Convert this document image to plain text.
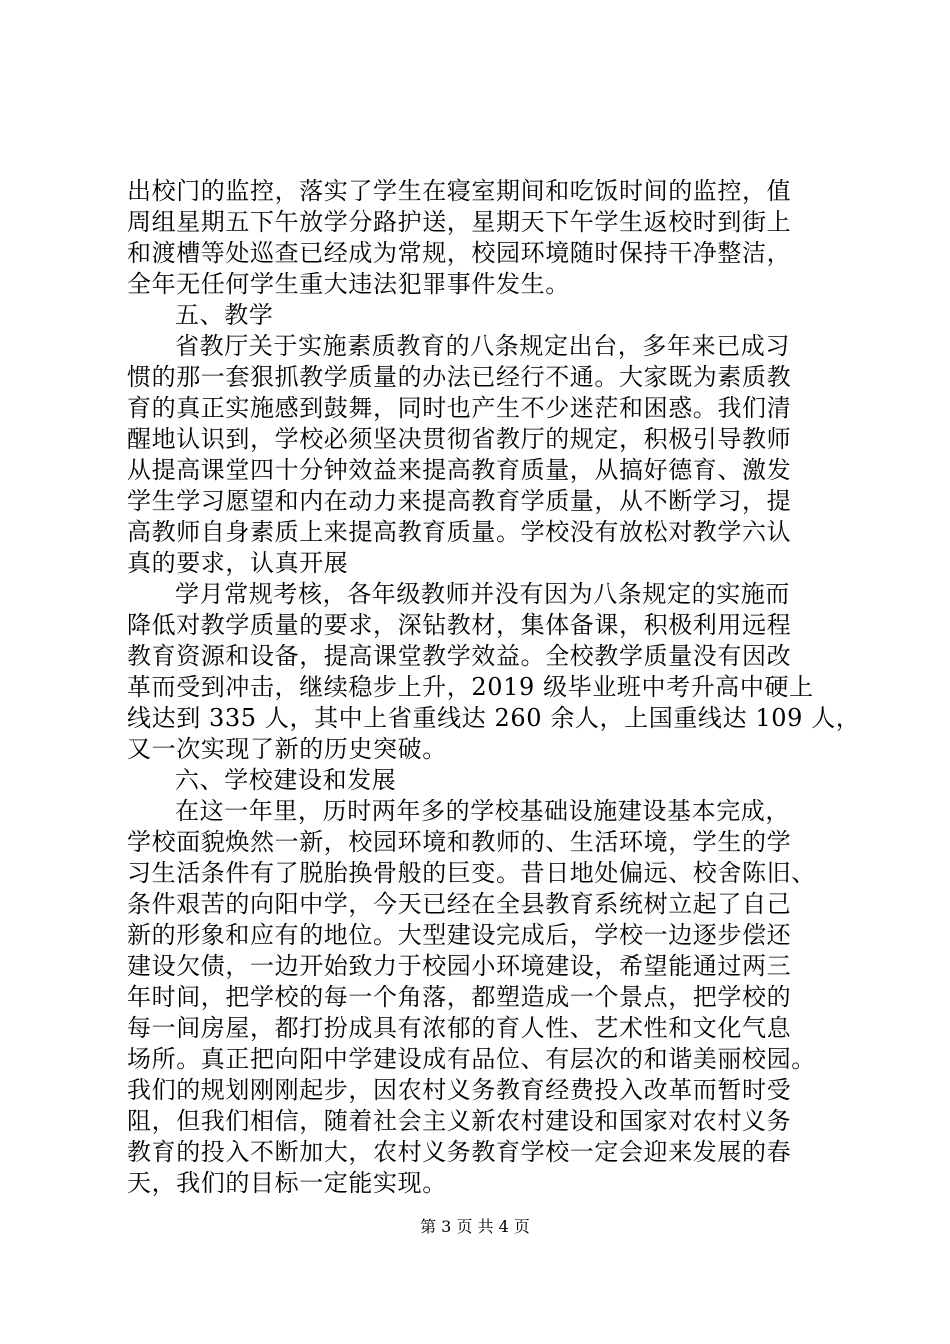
出校门的监控，落实了学生在寝室期间和吃饭时间的监控，值
周组星期五下午放学分路护送，星期天下午学生返校时到街上
和渡槽等处巡查已经成为常规，校园环境随时保持干净整洁，
全年无任何学生重大违法犯罪事件发生。
五、教学
省教厅关于实施素质教育的八条规定出台，多年来已成习
惯的那一套狠抓教学质量的办法已经行不通。大家既为素质教
育的真正实施感到鼓舞，同时也产生不少迷茫和困惑。我们清
醒地认识到，学校必须坚决贯彻省教厅的规定，积极引导教师
从提高课堂四十分钟效益来提高教育质量，从搞好德育、激发
学生学习愿望和内在动力来提高教育学质量，从不断学习，提
高教师自身素质上来提高教育质量。学校没有放松对教学六认
真的要求，认真开展
学月常规考核，各年级教师并没有因为八条规定的实施而
降低对教学质量的要求，深钻教材，集体备课，积极利用远程
教育资源和设备，提高课堂教学效益。全校教学质量没有因改
革而受到冲击，继续稳步上升，2019 级毕业班中考升高中硬上
线达到 335 人，其中上省重线达 260 余人，上国重线达 109 人，
又一次实现了新的历史突破。
六、学校建设和发展
在这一年里，历时两年多的学校基础设施建设基本完成，
学校面貌焕然一新，校园环境和教师的、生活环境，学生的学
习生活条件有了脱胎换骨般的巨变。昔日地处偏远、校舍陈旧、
条件艰苦的向阳中学，今天已经在全县教育系统树立起了自己
新的形象和应有的地位。大型建设完成后，学校一边逐步偿还
建设欠债，一边开始致力于校园小环境建设，希望能通过两三
年时间，把学校的每一个角落，都塑造成一个景点，把学校的
每一间房屋，都打扮成具有浓郁的育人性、艺术性和文化气息
场所。真正把向阳中学建设成有品位、有层次的和谐美丽校园。
我们的规划刚刚起步，因农村义务教育经费投入改革而暂时受
阻，但我们相信，随着社会主义新农村建设和国家对农村义务
教育的投入不断加大，农村义务教育学校一定会迎来发展的春
天，我们的目标一定能实现。
第 3 页 共 4 页
